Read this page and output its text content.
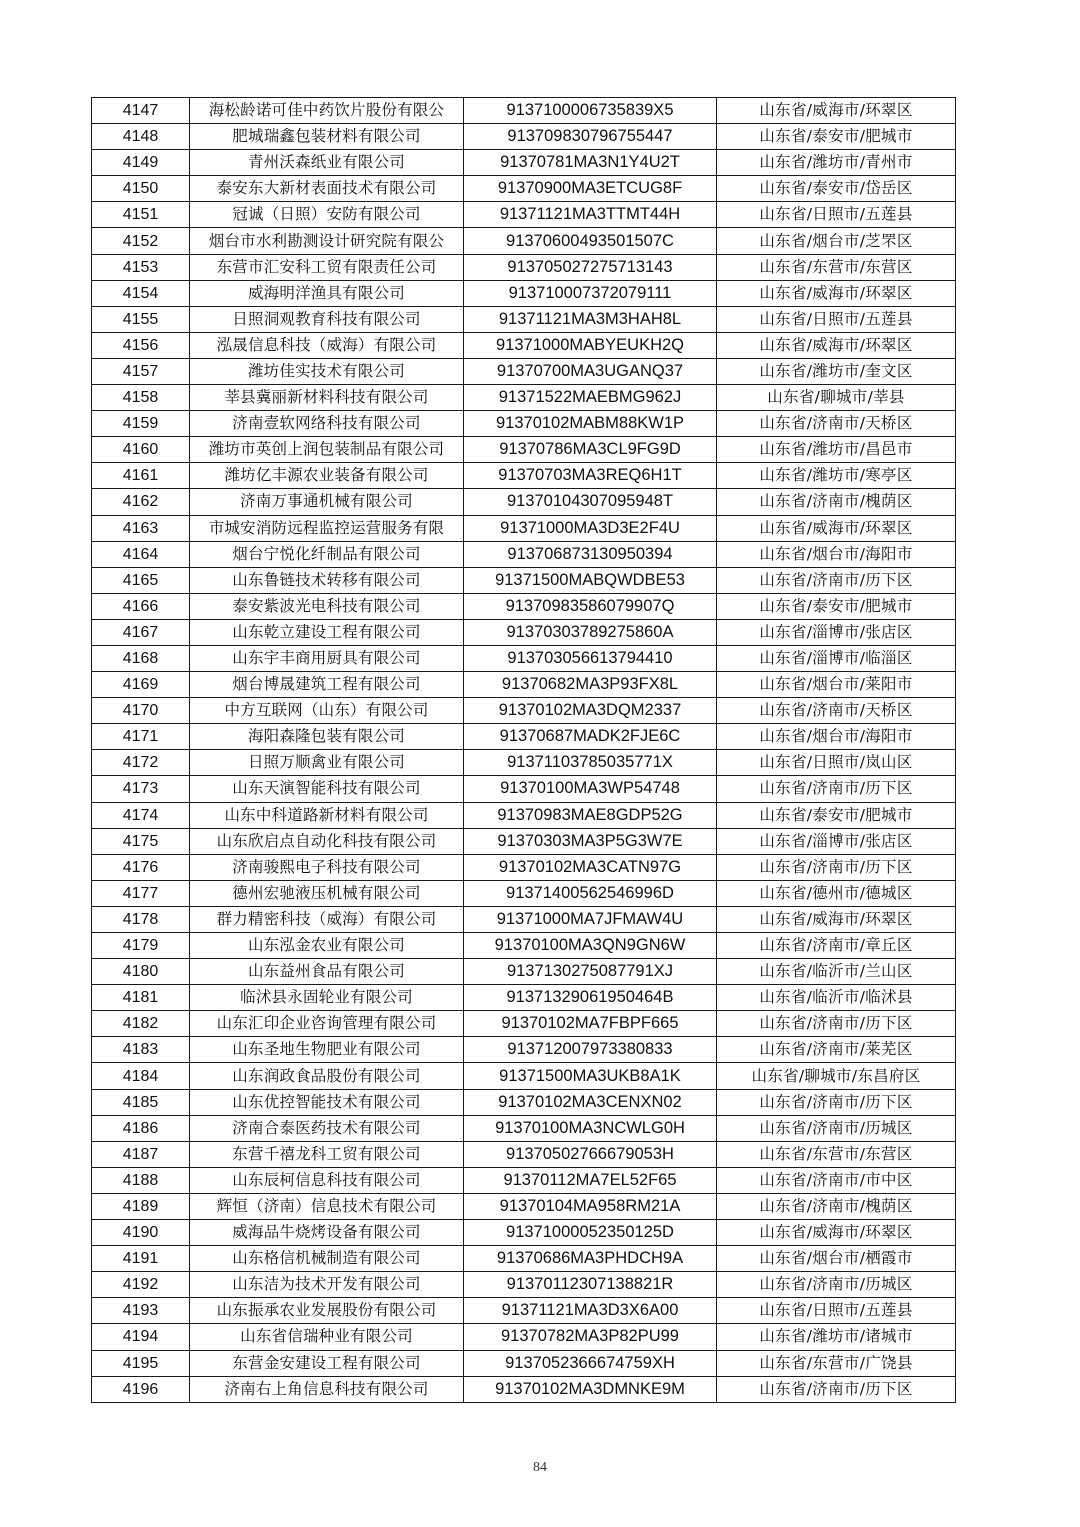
4147	海松龄诺可佳中药饮片股份有限公	9137100006735839X5	山东省/威海市/环翠区
4148	肥城瑞鑫包装材料有限公司	91370983079675544​7	山东省/泰安市/肥城市
4149	青州沃森纸业有限公司	91370781MA3N1Y4U2T	山东省/潍坊市/青州市
4150	泰安东大新材表面技术有限公司	91370900MA3ETCUG8F	山东省/泰安市/岱岳区
4151	冠诚（日照）安防有限公司	91371121MA3TTMT44H	山东省/日照市/五莲县
4152	烟台市水利勘测设计研究院有限公	91370600493501507C	山东省/烟台市/芝罘区
4153	东营市汇安科工贸有限责任公司	91370502727571314​3	山东省/东营市/东营区
4154	威海明洋渔具有限公司	91371000737207911​1	山东省/威海市/环翠区
4155	日照洞观教育科技有限公司	91371121MA3M3HAH8L	山东省/日照市/五莲县
4156	泓晟信息科技（威海）有限公司	91371000MABYEUKH2Q	山东省/威海市/环翠区
4157	潍坊佳实技术有限公司	91370700MA3UGANQ37	山东省/潍坊市/奎文区
4158	莘县冀丽新材料科技有限公司	91371522MAEBMG962J	山东省/聊城市/莘县
4159	济南壹软网络科技有限公司	91370102MABM88KW1P	山东省/济南市/天桥区
4160	潍坊市英创上润包装制品有限公司	91370786MA3CL9FG9D	山东省/潍坊市/昌邑市
4161	潍坊亿丰源农业装备有限公司	91370703MA3REQ6H1T	山东省/潍坊市/寒亭区
4162	济南万事通机械有限公司	91370104307095948T	山东省/济南市/槐荫区
4163	市城安消防远程监控运营服务有限	91371000MA3D3E2F4U	山东省/威海市/环翠区
4164	烟台宁悦化纤制品有限公司	91370687313095039​4	山东省/烟台市/海阳市
4165	山东鲁链技术转移有限公司	91371500MABQWDBE53	山东省/济南市/历下区
4166	泰安紫波光电科技有限公司	91370983586079907Q	山东省/泰安市/肥城市
4167	山东乾立建设工程有限公司	91370303789275860A	山东省/淄博市/张店区
4168	山东宇丰商用厨具有限公司	91370305661379441​0	山东省/淄博市/临淄区
4169	烟台博晟建筑工程有限公司	91370682MA3P93FX8L	山东省/烟台市/莱阳市
4170	中方互联网（山东）有限公司	91370102MA3DQM2337	山东省/济南市/天桥区
4171	海阳森隆包装有限公司	91370687MADK2FJE6C	山东省/烟台市/海阳市
4172	日照万顺禽业有限公司	91371103785035771X	山东省/日照市/岚山区
4173	山东天演智能科技有限公司	91370100MA3WP54748	山东省/济南市/历下区
4174	山东中科道路新材料有限公司	91370983MAE8GDP52G	山东省/泰安市/肥城市
4175	山东欣启点自动化科技有限公司	91370303MA3P5G3W7E	山东省/淄博市/张店区
4176	济南骏熙电子科技有限公司	91370102MA3CATN97G	山东省/济南市/历下区
4177	德州宏驰液压机械有限公司	91371400562546996D	山东省/德州市/德城区
4178	群力精密科技（威海）有限公司	91371000MA7JFMAW4U	山东省/威海市/环翠区
4179	山东泓金农业有限公司	91370100MA3QN9GN6W	山东省/济南市/章丘区
4180	山东益州食品有限公司	9137130275087791XJ	山东省/临沂市/兰山区
4181	临沭县永固轮业有限公司	91371329061950464B	山东省/临沂市/临沭县
4182	山东汇印企业咨询管理有限公司	91370102MA7FBPF665	山东省/济南市/历下区
4183	山东圣地生物肥业有限公司	91371200797338083​3	山东省/济南市/莱芜区
4184	山东润政食品股份有限公司	91371500MA3UKB8A1K	山东省/聊城市/东昌府区
4185	山东优控智能技术有限公司	91370102MA3CENXN02	山东省/济南市/历下区
4186	济南合泰医药技术有限公司	91370100MA3NCWLG0H	山东省/济南市/历城区
4187	东营千禧龙科工贸有限公司	91370502766679053H	山东省/东营市/东营区
4188	山东辰柯信息科技有限公司	91370112MA7EL52F65	山东省/济南市/市中区
4189	辉恒（济南）信息技术有限公司	91370104MA958RM21A	山东省/济南市/槐荫区
4190	威海品牛烧烤设备有限公司	91371000052350125D	山东省/威海市/环翠区
4191	山东格信机械制造有限公司	91370686MA3PHDCH9A	山东省/烟台市/栖霞市
4192	山东洁为技术开发有限公司	91370112307138821R	山东省/济南市/历城区
4193	山东振承农业发展股份有限公司	91371121MA3D3X6A00	山东省/日照市/五莲县
4194	山东省信瑞种业有限公司	91370782MA3P82PU99	山东省/潍坊市/诸城市
4195	东营金安建设工程有限公司	913705236667475​9XH	山东省/东营市/广饶县
4196	济南右上角信息科技有限公司	91370102MA3DMNKE9M	山东省/济南市/历下区
84
